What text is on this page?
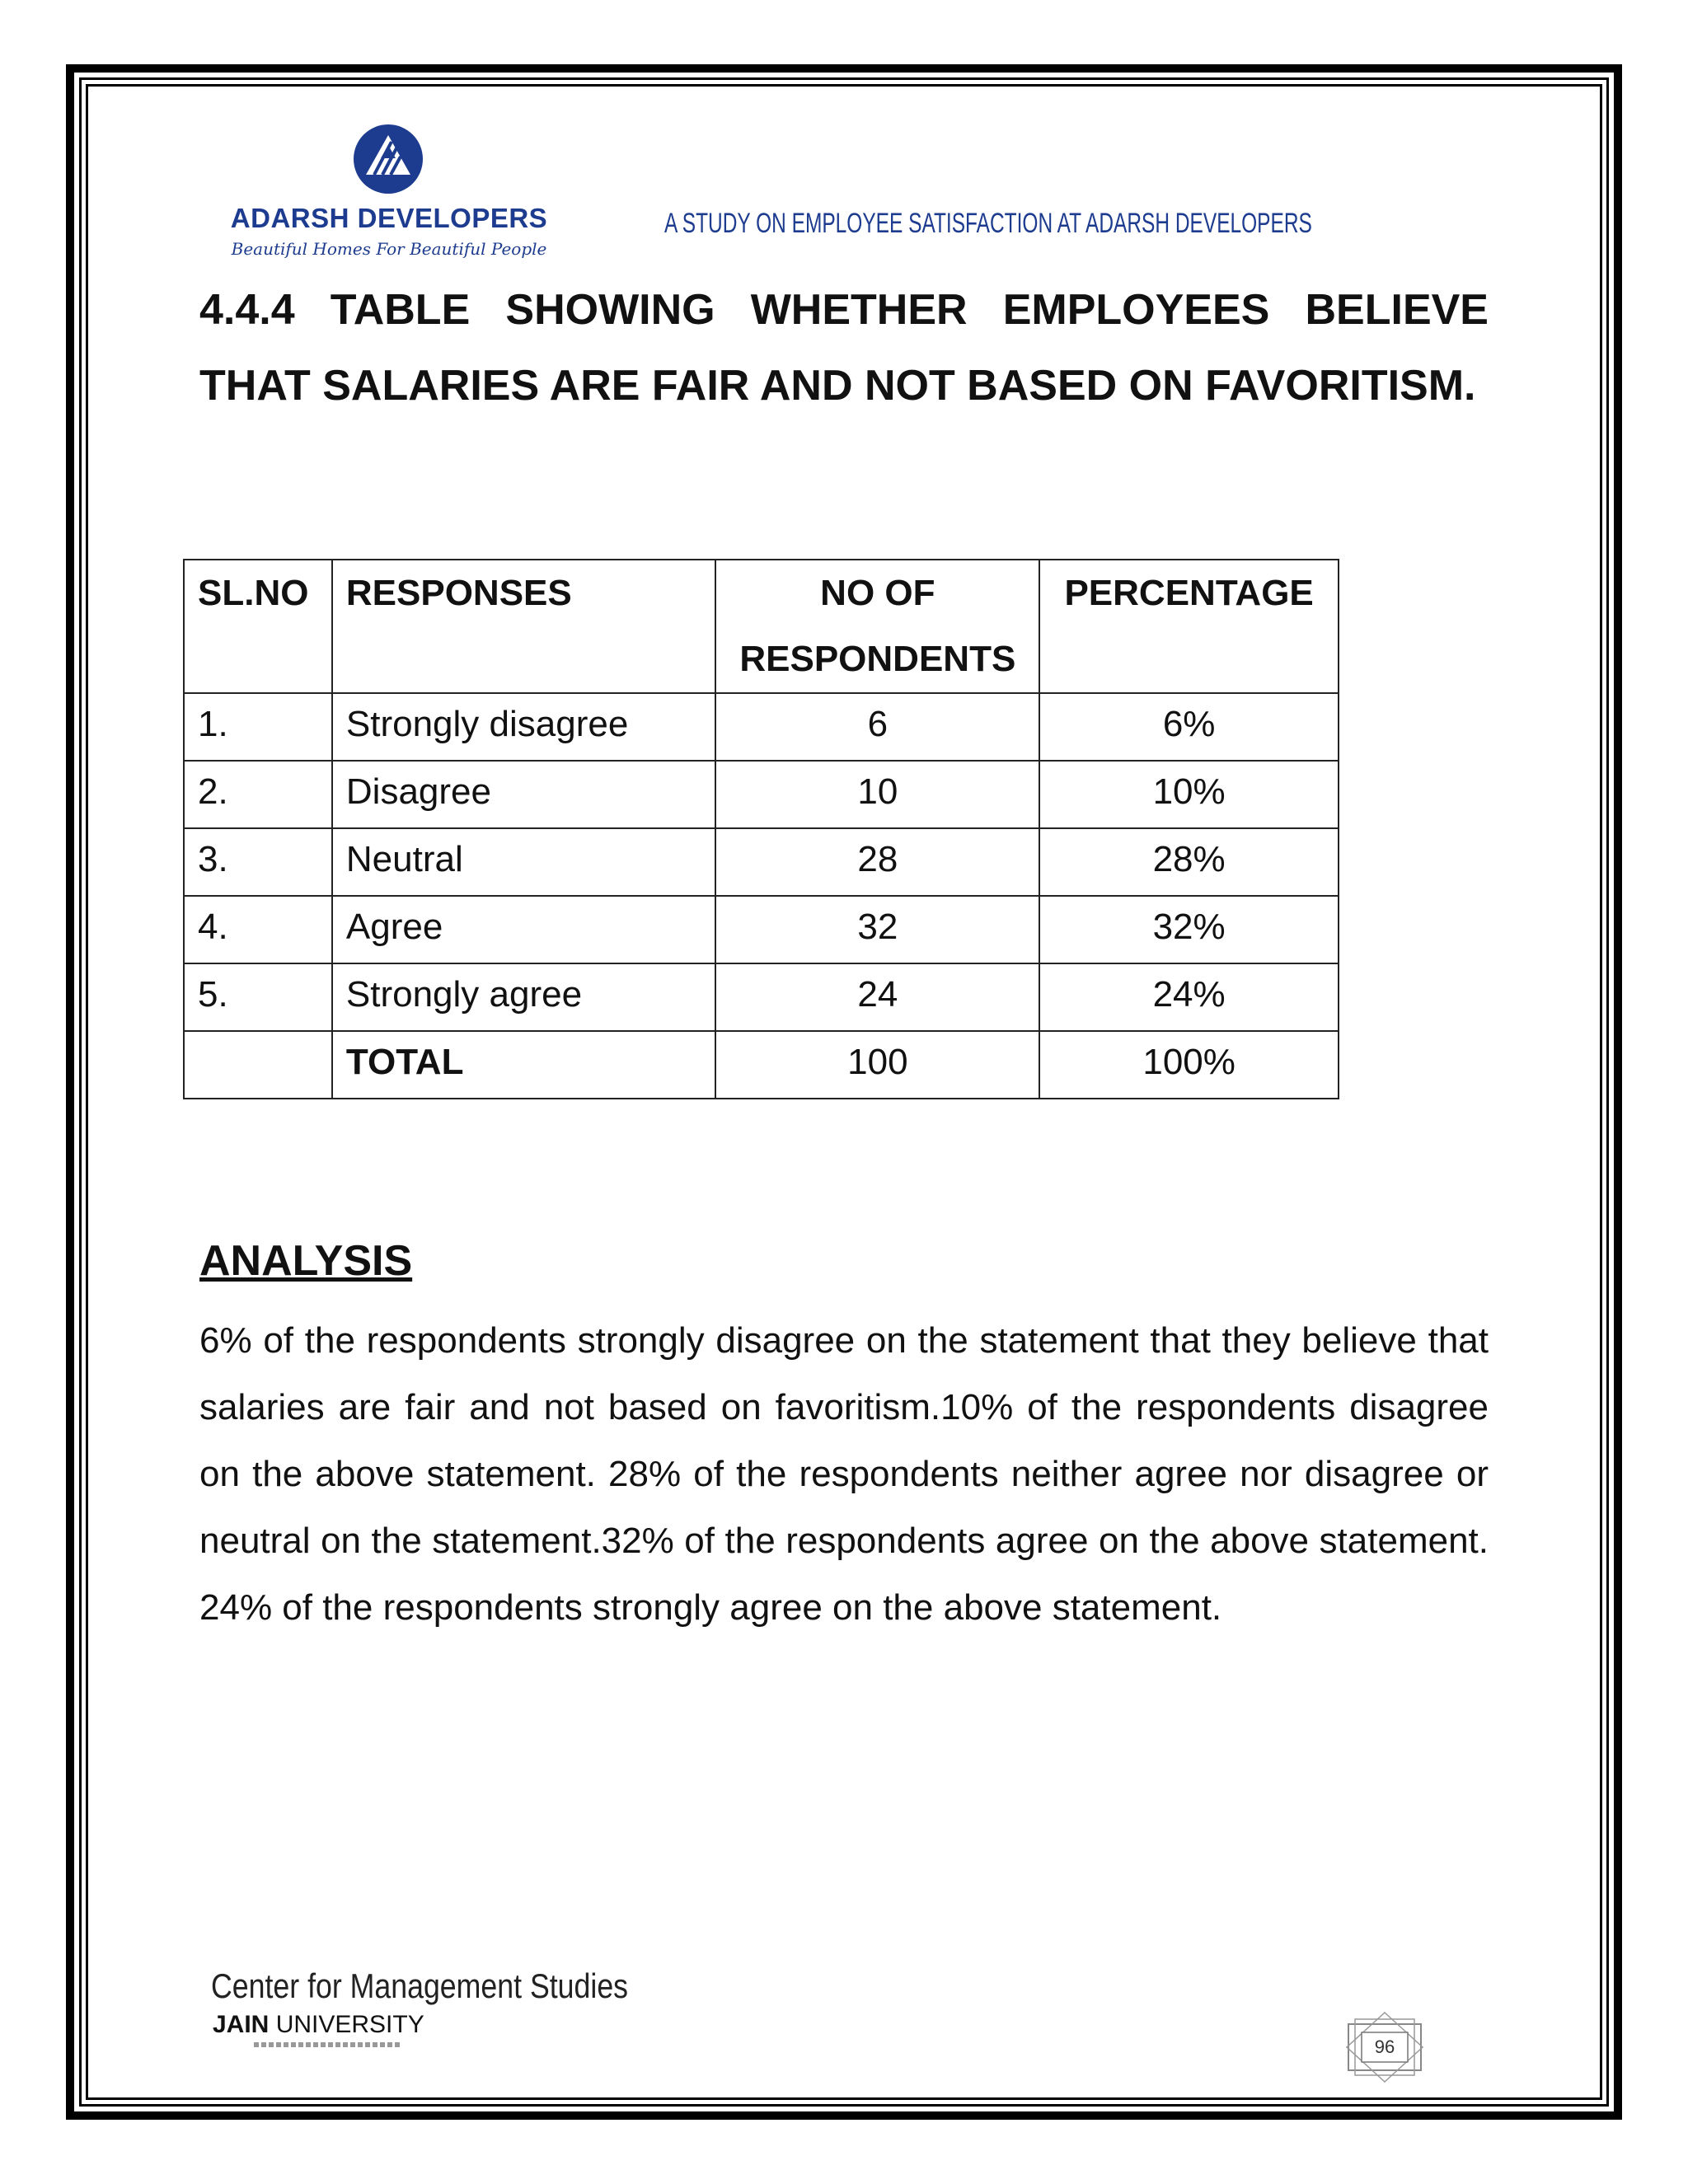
ADARSH DEVELOPERS
Beautiful Homes For Beautiful People
A STUDY ON EMPLOYEE SATISFACTION AT ADARSH DEVELOPERS
4.4.4 TABLE SHOWING WHETHER EMPLOYEES BELIEVE THAT SALARIES ARE FAIR AND NOT BASED ON FAVORITISM.
SL.NO	RESPONSES	NO OF RESPONDENTS	PERCENTAGE
1.	Strongly disagree	6	6%
2.	Disagree	10	10%
3.	Neutral	28	28%
4.	Agree	32	32%
5.	Strongly agree	24	24%
	TOTAL	100	100%
ANALYSIS

6% of the respondents strongly disagree on the statement that they believe that salaries are fair and not based on favoritism.10% of the respondents disagree on the above statement. 28% of the respondents neither agree nor disagree or neutral on the statement.32% of the respondents agree on the above statement. 24% of the respondents strongly agree on the above statement.

Center for Management Studies
JAIN UNIVERSITY
96
